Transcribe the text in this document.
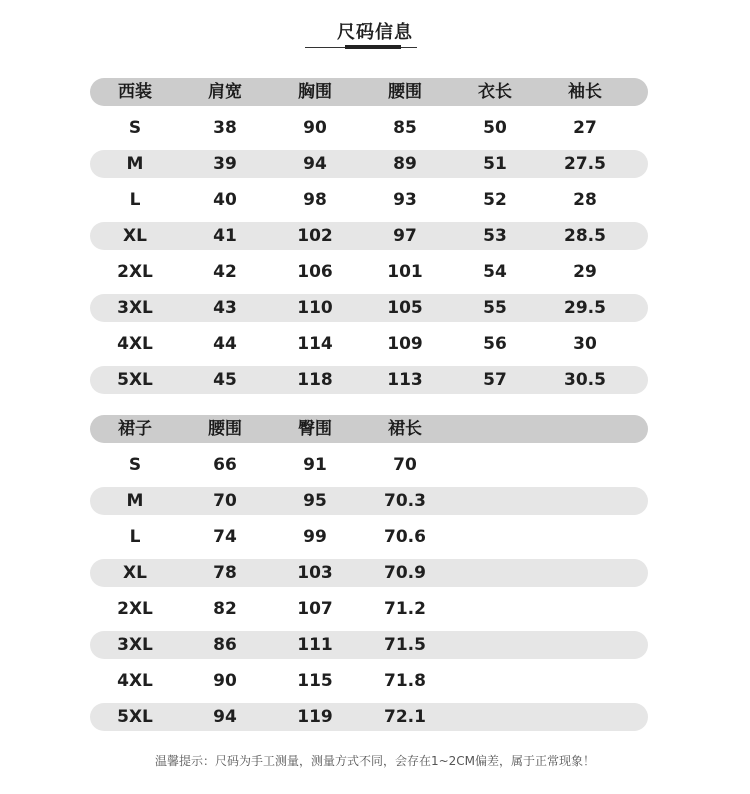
尺码信息
西装	肩宽	胸围	腰围	衣长	袖长
S	38	90	85	50	27
M	39	94	89	51	27.5
L	40	98	93	52	28
XL	41	102	97	53	28.5
2XL	42	106	101	54	29
3XL	43	110	105	55	29.5
4XL	44	114	109	56	30
5XL	45	118	113	57	30.5
裙子	腰围	臀围	裙长
S	66	91	70
M	70	95	70.3
L	74	99	70.6
XL	78	103	70.9
2XL	82	107	71.2
3XL	86	111	71.5
4XL	90	115	71.8
5XL	94	119	72.1
温馨提示：尺码为手工测量，测量方式不同，会存在1~2CM偏差，属于正常现象！
